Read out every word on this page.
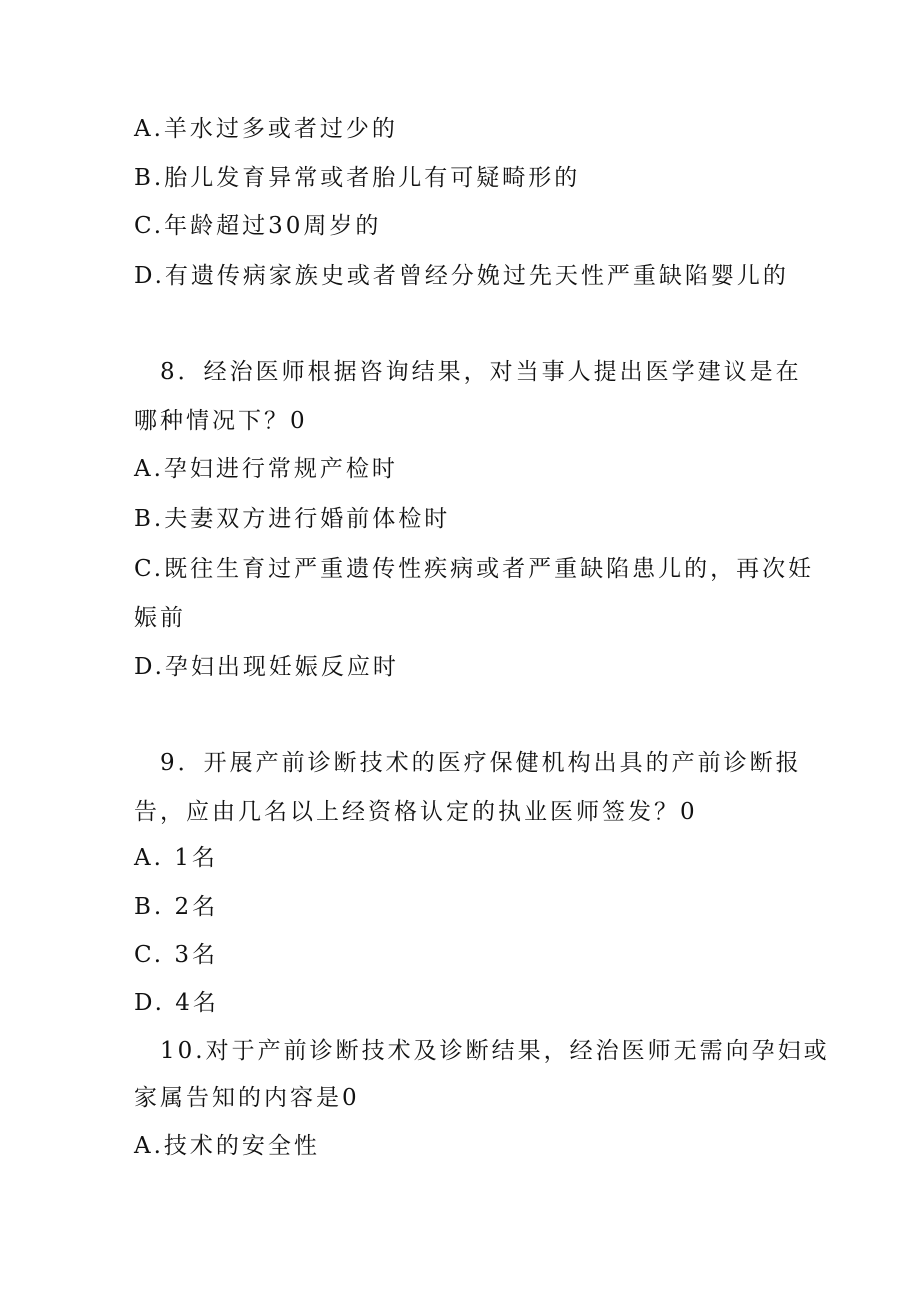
A.羊水过多或者过少的
B.胎儿发育异常或者胎儿有可疑畸形的
C.年龄超过30周岁的
D.有遗传病家族史或者曾经分娩过先天性严重缺陷婴儿的
8．经治医师根据咨询结果，对当事人提出医学建议是在
哪种情况下？0
A.孕妇进行常规产检时
B.夫妻双方进行婚前体检时
C.既往生育过严重遗传性疾病或者严重缺陷患儿的，再次妊
娠前
D.孕妇出现妊娠反应时
9．开展产前诊断技术的医疗保健机构出具的产前诊断报
告，应由几名以上经资格认定的执业医师签发？0
A. 1名
B. 2名
C. 3名
D. 4名
10.对于产前诊断技术及诊断结果，经治医师无需向孕妇或
家属告知的内容是0
A.技术的安全性
